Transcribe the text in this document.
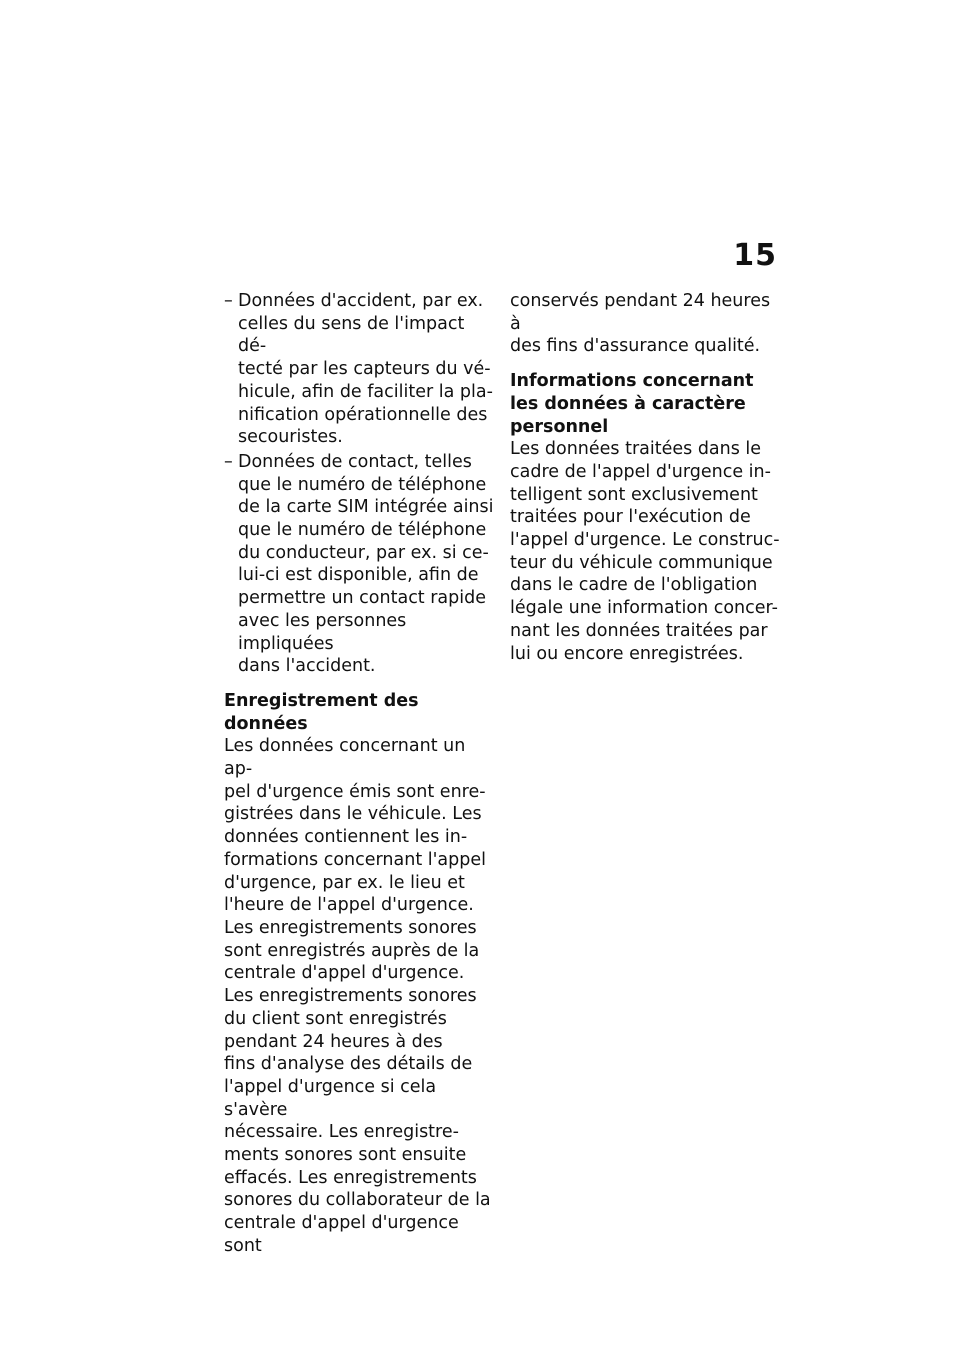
15
– Données d'accident, par ex.
celles du sens de l'impact dé-
tecté par les capteurs du vé-
hicule, afin de faciliter la pla-
nification opérationnelle des
secouristes.
– Données de contact, telles
que le numéro de téléphone
de la carte SIM intégrée ainsi
que le numéro de téléphone
du conducteur, par ex. si ce-
lui-ci est disponible, afin de
permettre un contact rapide
avec les personnes impliquées
dans l'accident.
Enregistrement des données
Les données concernant un ap-
pel d'urgence émis sont enre-
gistrées dans le véhicule. Les
données contiennent les in-
formations concernant l'appel
d'urgence, par ex. le lieu et
l'heure de l'appel d'urgence.
Les enregistrements sonores
sont enregistrés auprès de la
centrale d'appel d'urgence.
Les enregistrements sonores
du client sont enregistrés
pendant 24 heures à des
fins d'analyse des détails de
l'appel d'urgence si cela s'avère
nécessaire. Les enregistre-
ments sonores sont ensuite
effacés. Les enregistrements
sonores du collaborateur de la
centrale d'appel d'urgence sont
conservés pendant 24 heures à
des fins d'assurance qualité.
Informations concernant
les données à caractère
personnel
Les données traitées dans le
cadre de l'appel d'urgence in-
telligent sont exclusivement
traitées pour l'exécution de
l'appel d'urgence. Le construc-
teur du véhicule communique
dans le cadre de l'obligation
légale une information concer-
nant les données traitées par
lui ou encore enregistrées.
